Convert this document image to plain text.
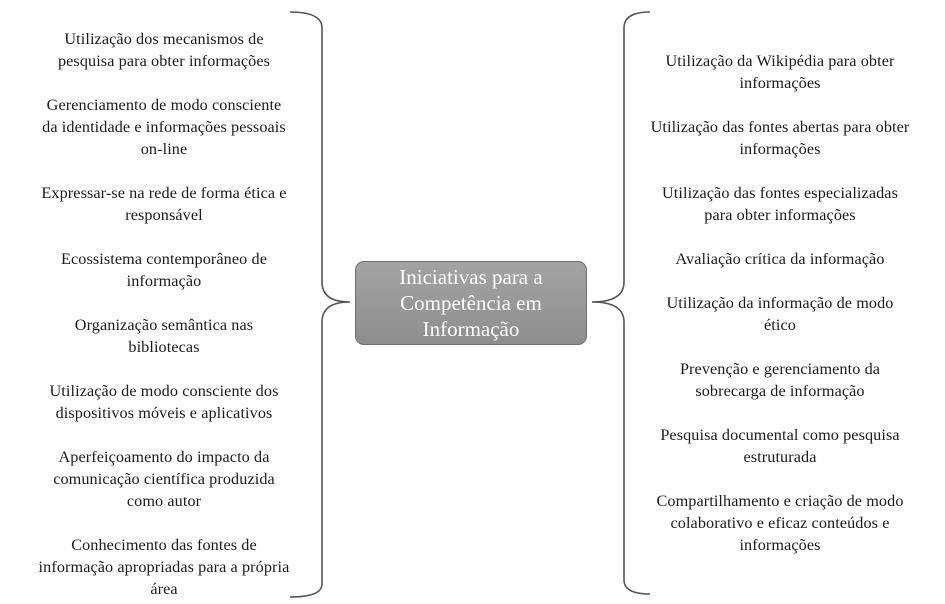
Utilização dos mecanismos de
pesquisa para obter informações
Gerenciamento de modo consciente
da identidade e informações pessoais
on-line
Expressar-se na rede de forma ética e
responsável
Ecossistema contemporâneo de
informação
Organização semântica nas
bibliotecas
Utilização de modo consciente dos
dispositivos móveis e aplicativos
Aperfeiçoamento do impacto da
comunicação científica produzida
como autor
Conhecimento das fontes de
informação apropriadas para a própria
área
Utilização da Wikipédia para obter
informações
Utilização das fontes abertas para obter
informações
Utilização das fontes especializadas
para obter informações
Avaliação crítica da informação
Utilização da informação de modo
ético
Prevenção e gerenciamento da
sobrecarga de informação
Pesquisa documental como pesquisa
estruturada
Compartilhamento e criação de modo
colaborativo e eficaz conteúdos e
informações
Iniciativas para a
Competência em
Informação
